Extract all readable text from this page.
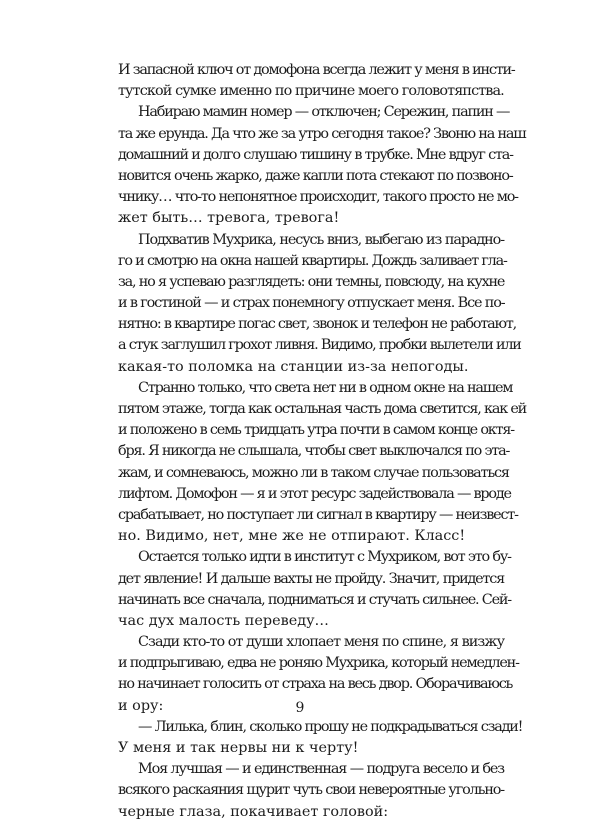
И запасной ключ от домофона всегда лежит у меня в инсти-
тутской сумке именно по причине моего головотяпства.
Набираю мамин номер — отключен; Сережин, папин —
та же ерунда. Да что же за утро сегодня такое? Звоню на наш
домашний и долго слушаю тишину в трубке. Мне вдруг ста-
новится очень жарко, даже капли пота стекают по позвоно-
чнику… что-то непонятное происходит, такого просто не мо-
жет быть… тревога, тревога!
Подхватив Мухрика, несусь вниз, выбегаю из парадно-
го и смотрю на окна нашей квартиры. Дождь заливает гла-
за, но я успеваю разглядеть: они темны, повсюду, на кухне
и в гостиной — и страх понемногу отпускает меня. Все по-
нятно: в квартире погас свет, звонок и телефон не работают,
а стук заглушил грохот ливня. Видимо, пробки вылетели или
какая-то поломка на станции из-за непогоды.
Странно только, что света нет ни в одном окне на нашем
пятом этаже, тогда как остальная часть дома светится, как ей
и положено в семь тридцать утра почти в самом конце октя-
бря. Я никогда не слышала, чтобы свет выключался по эта-
жам, и сомневаюсь, можно ли в таком случае пользоваться
лифтом. Домофон — я и этот ресурс задействовала — вроде
срабатывает, но поступает ли сигнал в квартиру — неизвест-
но. Видимо, нет, мне же не отпирают. Класс!
Остается только идти в институт с Мухриком, вот это бу-
дет явление! И дальше вахты не пройду. Значит, придется
начинать все сначала, подниматься и стучать сильнее. Сей-
час дух малость переведу…
Сзади кто-то от души хлопает меня по спине, я визжу
и подпрыгиваю, едва не роняю Мухрика, который немедлен-
но начинает голосить от страха на весь двор. Оборачиваюсь
и ору:
— Лилька, блин, сколько прошу не подкрадываться сзади!
У меня и так нервы ни к черту!
Моя лучшая — и единственная — подруга весело и без
всякого раскаяния щурит чуть свои невероятные угольно-
черные глаза, покачивает головой:
9
